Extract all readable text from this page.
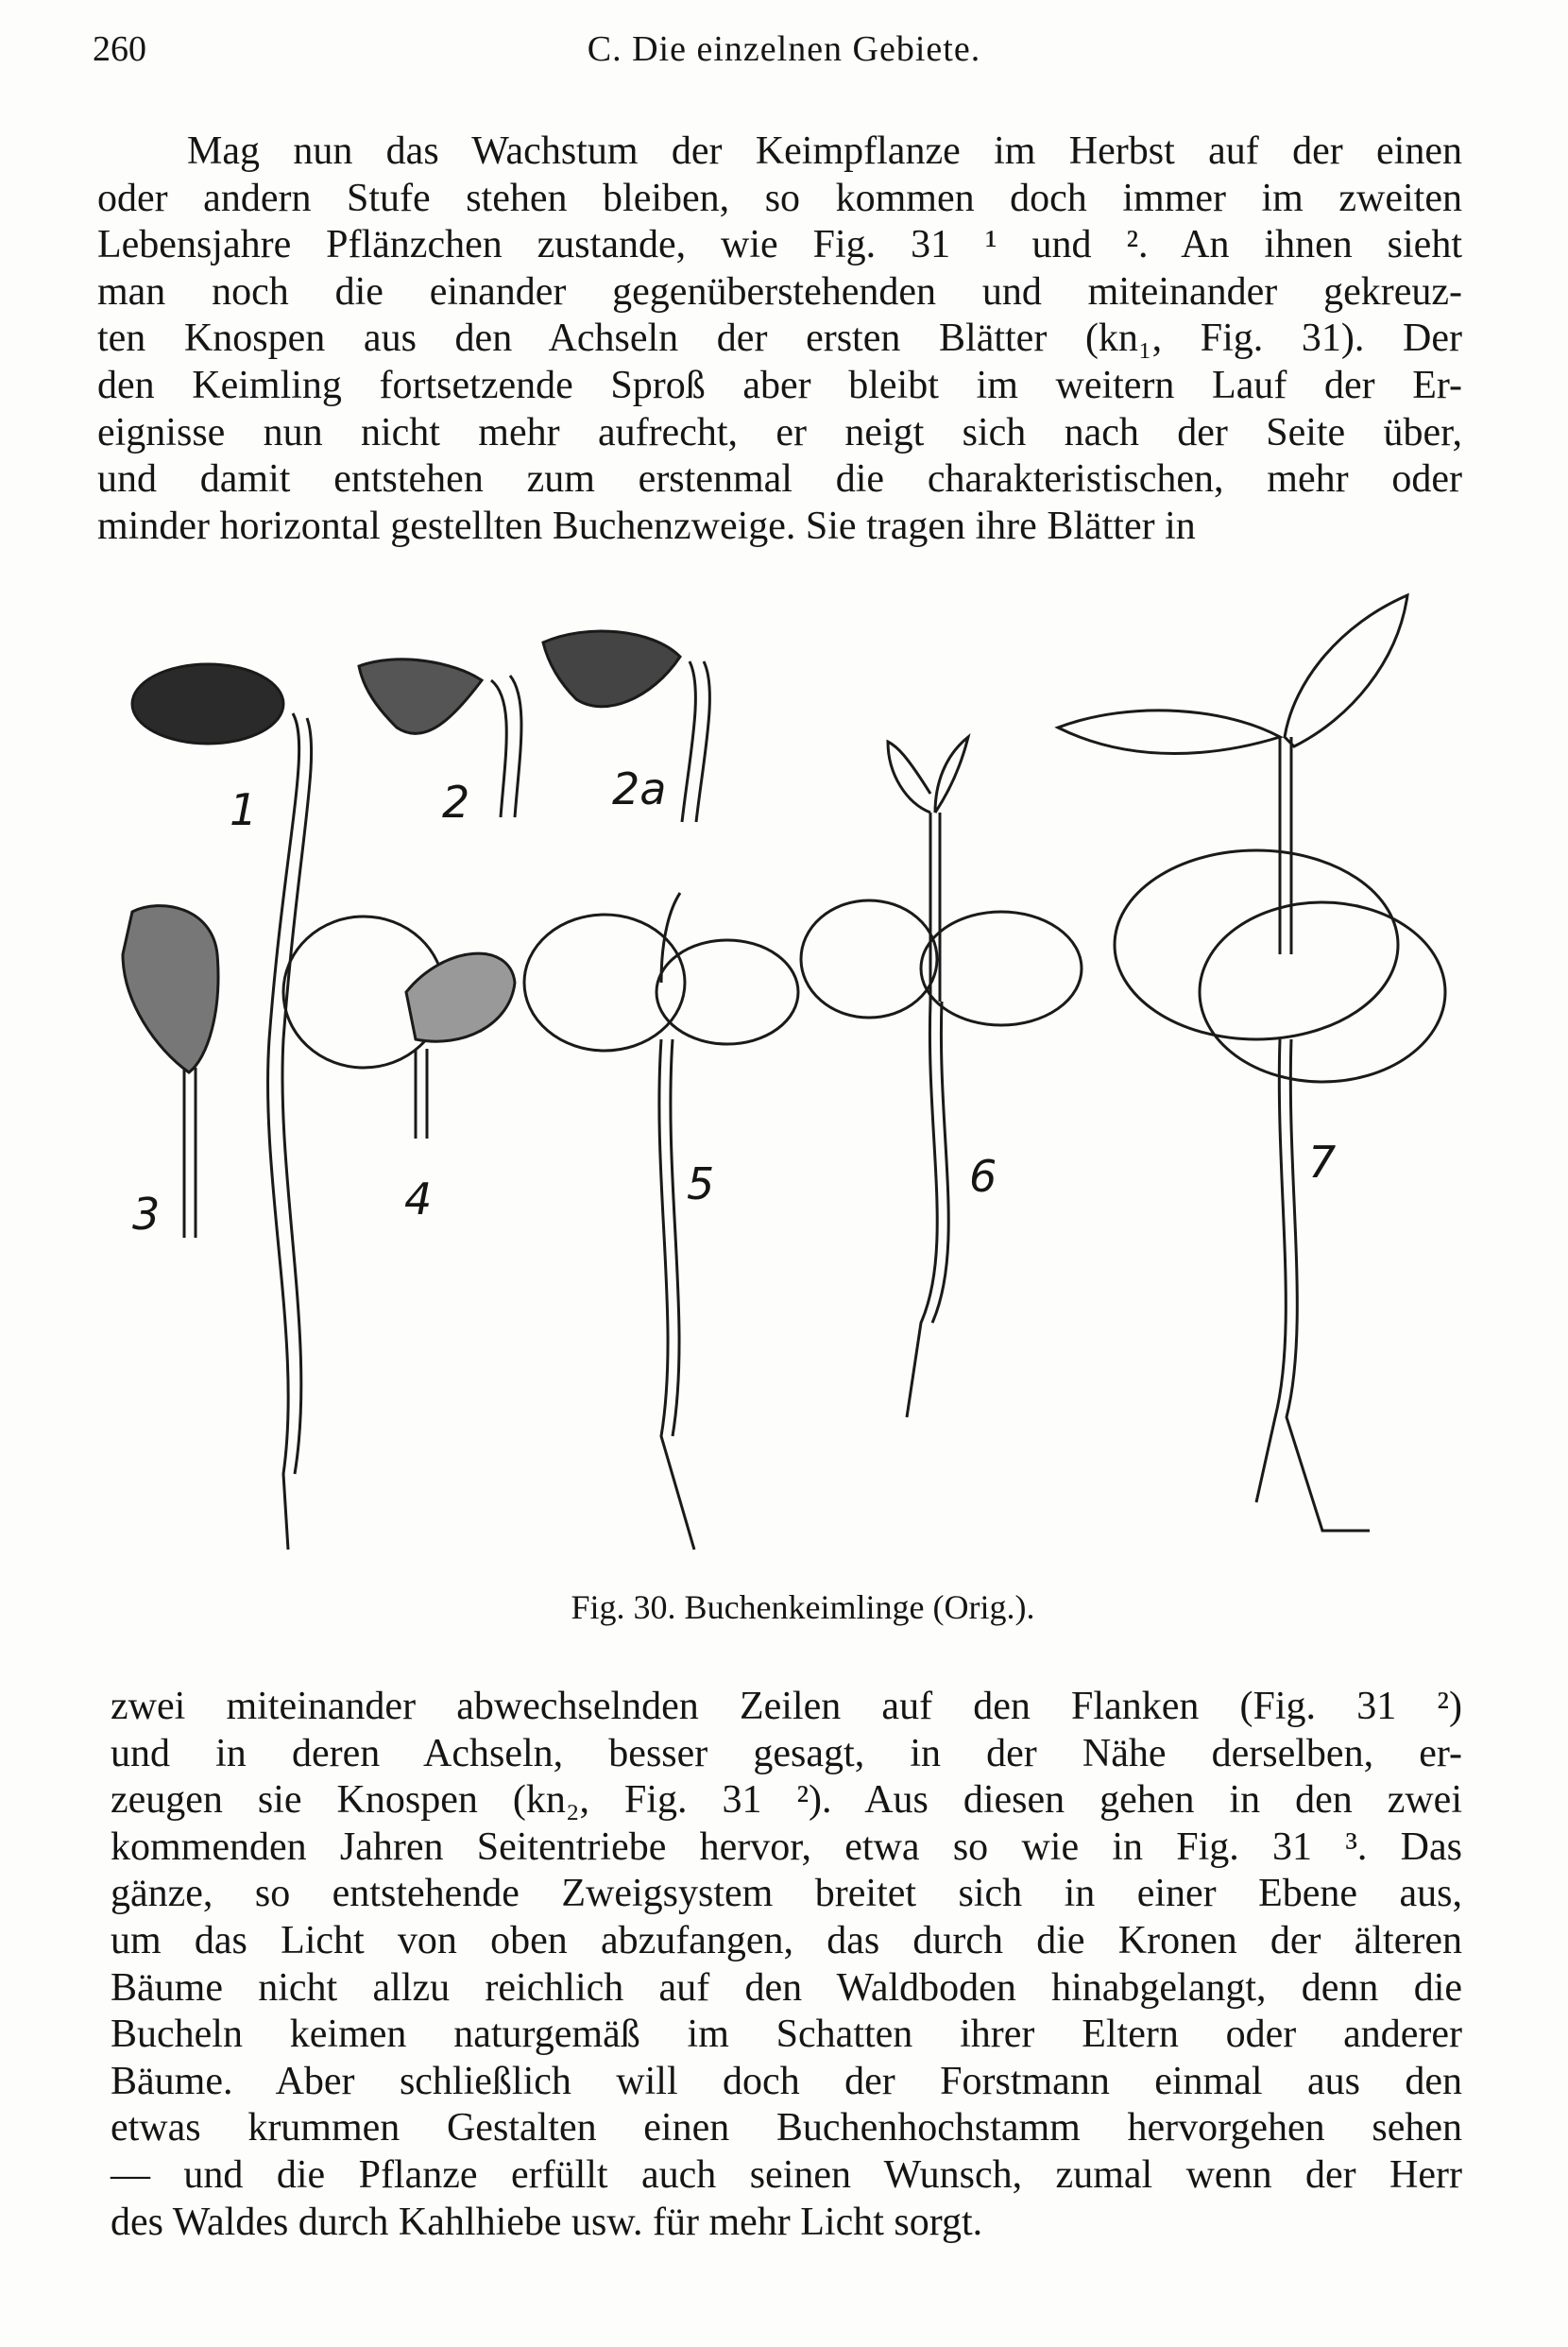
260	C. Die einzelnen Gebiete.
Mag nun das Wachstum der Keimpflanze im Herbst auf der einen
oder andern Stufe stehen bleiben, so kommen doch immer im zweiten
Lebensjahre Pflänzchen zustande, wie Fig. 31 ¹ und ². An ihnen sieht
man noch die einander gegenüberstehenden und miteinander gekreuz-
ten Knospen aus den Achseln der ersten Blätter (kn₁, Fig. 31). Der
den Keimling fortsetzende Sproß aber bleibt im weitern Lauf der Er-
eignisse nun nicht mehr aufrecht, er neigt sich nach der Seite über,
und damit entstehen zum erstenmal die charakteristischen, mehr oder
minder horizontal gestellten Buchenzweige. Sie tragen ihre Blätter in
1	2	2a
3	4	5	6	7
Fig. 30. Buchenkeimlinge (Orig.).
zwei miteinander abwechselnden Zeilen auf den Flanken (Fig. 31 ²)
und in deren Achseln, besser gesagt, in der Nähe derselben, er-
zeugen sie Knospen (kn₂, Fig. 31 ²). Aus diesen gehen in den zwei
kommenden Jahren Seitentriebe hervor, etwa so wie in Fig. 31 ³. Das
gänze, so entstehende Zweigsystem breitet sich in einer Ebene aus,
um das Licht von oben abzufangen, das durch die Kronen der älteren
Bäume nicht allzu reichlich auf den Waldboden hinabgelangt, denn die
Bucheln keimen naturgemäß im Schatten ihrer Eltern oder anderer
Bäume. Aber schließlich will doch der Forstmann einmal aus den
etwas krummen Gestalten einen Buchenhochstamm hervorgehen sehen
— und die Pflanze erfüllt auch seinen Wunsch, zumal wenn der Herr
des Waldes durch Kahlhiebe usw. für mehr Licht sorgt.
